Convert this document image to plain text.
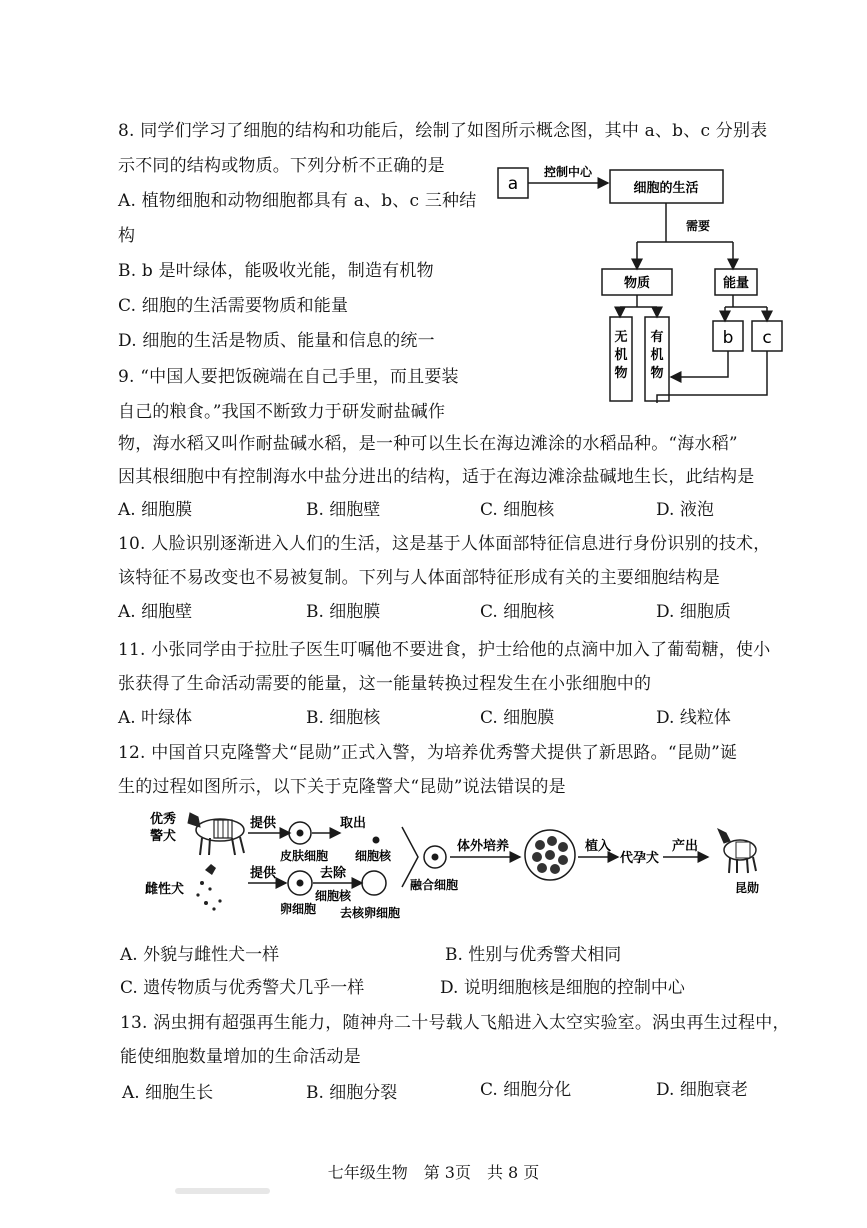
8. 同学们学习了细胞的结构和功能后，绘制了如图所示概念图，其中 a、b、c 分别表
示不同的结构或物质。下列分析不正确的是
A. 植物细胞和动物细胞都具有 a、b、c 三种结
构
B. b 是叶绿体，能吸收光能，制造有机物
C. 细胞的生活需要物质和能量
D. 细胞的生活是物质、能量和信息的统一
a
控制中心
细胞的生活
需要
物质	能量
无机物
有机物
b c
9. “中国人要把饭碗端在自己手里，而且要装
自己的粮食。”我国不断致力于研发耐盐碱作
物，海水稻又叫作耐盐碱水稻，是一种可以生长在海边滩涂的水稻品种。“海水稻”
因其根细胞中有控制海水中盐分进出的结构，适于在海边滩涂盐碱地生长，此结构是
A. 细胞膜	B. 细胞壁	C. 细胞核	D. 液泡
10. 人脸识别逐渐进入人们的生活，这是基于人体面部特征信息进行身份识别的技术，
该特征不易改变也不易被复制。下列与人体面部特征形成有关的主要细胞结构是
A. 细胞壁	B. 细胞膜	C. 细胞核	D. 细胞质
11. 小张同学由于拉肚子医生叮嘱他不要进食，护士给他的点滴中加入了葡萄糖，使小
张获得了生命活动需要的能量，这一能量转换过程发生在小张细胞中的
A. 叶绿体	B. 细胞核	C. 细胞膜	D. 线粒体
12. 中国首只克隆警犬“昆勋”正式入警，为培养优秀警犬提供了新思路。“昆勋”诞
生的过程如图所示，以下关于克隆警犬“昆勋”说法错误的是
优秀
警犬
提供
皮肤细胞
取出
细胞核
雌性犬
提供
卵细胞
去除
细胞核
去核卵细胞
融合细胞
体外培养	植入
代孕犬
产出
昆勋
A. 外貌与雌性犬一样	B. 性别与优秀警犬相同
C. 遗传物质与优秀警犬几乎一样	D. 说明细胞核是细胞的控制中心
13. 涡虫拥有超强再生能力，随神舟二十号载人飞船进入太空实验室。涡虫再生过程中，
能使细胞数量增加的生命活动是
A. 细胞生长	B. 细胞分裂	C. 细胞分化	D. 细胞衰老
七年级生物　第 3页　共 8 页
